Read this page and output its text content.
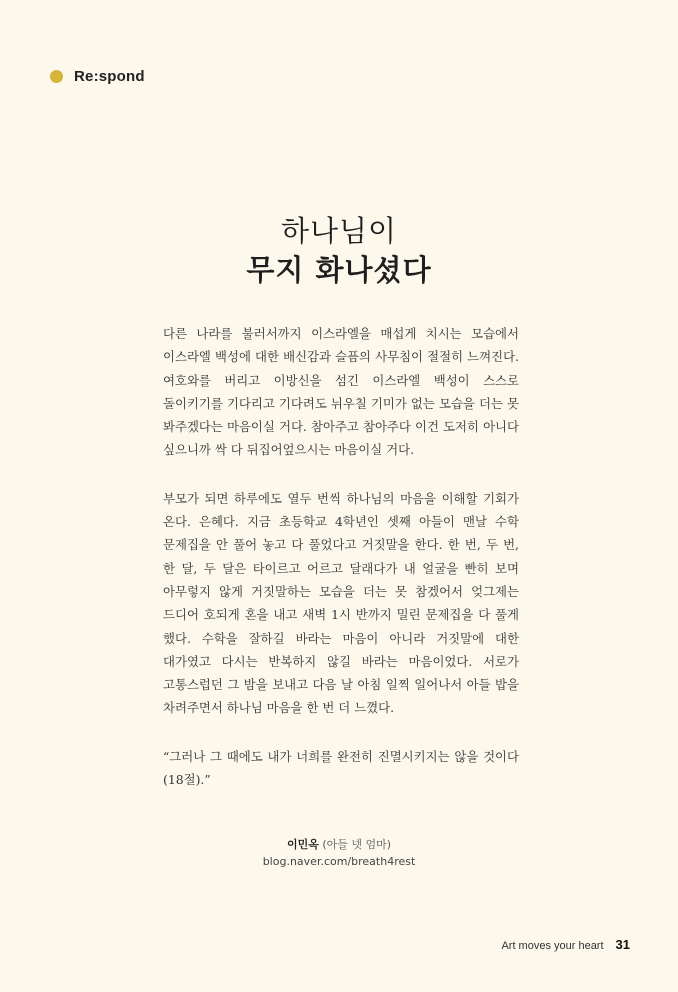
Re:spond
하나님이
무지 화나셨다

다른 나라를 불러서까지 이스라엘을 매섭게 치시는 모습에서 이스라엘 백성에 대한 배신감과 슬픔의 사무침이 절절히 느껴진다. 여호와를 버리고 이방신을 섬긴 이스라엘 백성이 스스로 돌이키기를 기다리고 기다려도 뉘우칠 기미가 없는 모습을 더는 못 봐주겠다는 마음이실 거다. 참아주고 참아주다 이건 도저히 아니다 싶으니까 싹 다 뒤집어엎으시는 마음이실 거다.

부모가 되면 하루에도 열두 번씩 하나님의 마음을 이해할 기회가 온다. 은혜다. 지금 초등학교 4학년인 셋째 아들이 맨날 수학 문제집을 안 풀어 놓고 다 풀었다고 거짓말을 한다. 한 번, 두 번, 한 달, 두 달은 타이르고 어르고 달래다가 내 얼굴을 빤히 보며 아무렇지 않게 거짓말하는 모습을 더는 못 참겠어서 엊그제는 드디어 호되게 혼을 내고 새벽 1시 반까지 밀린 문제집을 다 풀게 했다. 수학을 잘하길 바라는 마음이 아니라 거짓말에 대한 대가였고 다시는 반복하지 않길 바라는 마음이었다. 서로가 고통스럽던 그 밤을 보내고 다음 날 아침 일찍 일어나서 아들 밥을 차려주면서 하나님 마음을 한 번 더 느꼈다.

“그러나 그 때에도 내가 너희를 완전히 진멸시키지는 않을 것이다(18절).”

이민옥 (아들 넷 엄마)
blog.naver.com/breath4rest
Art moves your heart 31
